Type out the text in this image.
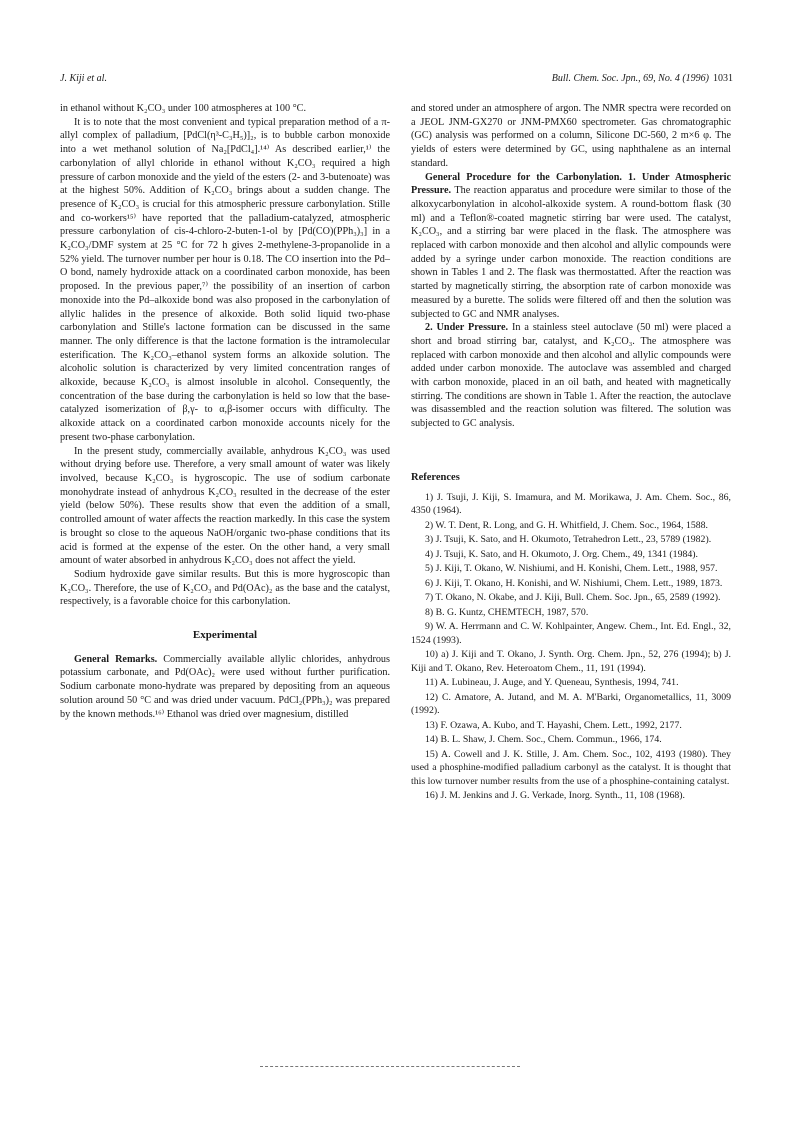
J. Kiji et al.	Bull. Chem. Soc. Jpn., 69, No. 4 (1996) 1031

in ethanol without K₂CO₃ under 100 atmospheres at 100 °C.

It is to note that the most convenient and typical preparation method of a π-allyl complex of palladium, [PdCl(η³-C₃H₅)]₂, is to bubble carbon monoxide into a wet methanol solution of Na₂[PdCl₄].¹⁴⁾ As described earlier,¹⁾ the carbonylation of allyl chloride in ethanol without K₂CO₃ required a high pressure of carbon monoxide and the yield of the esters (2- and 3-butenoate) was at the highest 50%. Addition of K₂CO₃ brings about a sudden change. The presence of K₂CO₃ is crucial for this atmospheric pressure carbonylation. Stille and co-workers¹⁵⁾ have reported that the palladium-catalyzed, atmospheric pressure carbonylation of cis-4-chloro-2-buten-1-ol by [Pd(CO)(PPh₃)₃] in a K₂CO₃/DMF system at 25 °C for 72 h gives 2-methylene-3-propanolide in a 52% yield. The turnover number per hour is 0.18. The CO insertion into the Pd–O bond, namely hydroxide attack on a coordinated carbon monoxide, has been proposed. In the previous paper,⁷⁾ the possibility of an insertion of carbon monoxide into the Pd–alkoxide bond was also proposed in the carbonylation of allylic halides in the presence of alkoxide. Both solid liquid two-phase carbonylation and Stille's lactone formation can be discussed in the same manner. The only difference is that the lactone formation is the intramolecular esterification. The K₂CO₃–ethanol system forms an alkoxide solution. The alcoholic solution is characterized by very limited concentration ranges of alkoxide, because K₂CO₃ is almost insoluble in alcohol. Consequently, the concentration of the base during the carbonylation is held so low that the base-catalyzed isomerization of β,γ- to α,β-isomer occurs with difficulty. The alkoxide attack on a coordinated carbon monoxide accounts nicely for the present two-phase carbonylation.

In the present study, commercially available, anhydrous K₂CO₃ was used without drying before use. Therefore, a very small amount of water was likely involved, because K₂CO₃ is hygroscopic. The use of sodium carbonate monohydrate instead of anhydrous K₂CO₃ resulted in the decrease of the ester yield (below 50%). These results show that even the addition of a small, controlled amount of water affects the reaction markedly. In this case the system is brought so close to the aqueous NaOH/organic two-phase conditions that its acid is formed at the expense of the ester. On the other hand, a very small amount of water absorbed in anhydrous K₂CO₃ does not affect the yield.

Sodium hydroxide gave similar results. But this is more hygroscopic than K₂CO₃. Therefore, the use of K₂CO₃ and Pd(OAc)₂ as the base and the catalyst, respectively, is a favorable choice for this carbonylation.

Experimental

General Remarks. Commercially available allylic chlorides, anhydrous potassium carbonate, and Pd(OAc)₂ were used without further purification. Sodium carbonate mono-hydrate was prepared by depositing from an aqueous solution around 50 °C and was dried under vacuum. PdCl₂(PPh₃)₂ was prepared by the known methods.¹⁶⁾ Ethanol was dried over magnesium, distilled

and stored under an atmosphere of argon. The NMR spectra were recorded on a JEOL JNM-GX270 or JNM-PMX60 spectrometer. Gas chromatographic (GC) analysis was performed on a column, Silicone DC-560, 2 m×6 φ. The yields of esters were determined by GC, using naphthalene as an internal standard.

General Procedure for the Carbonylation. 1. Under Atmospheric Pressure. The reaction apparatus and procedure were similar to those of the alkoxycarbonylation in alcohol-alkoxide system. A round-bottom flask (30 ml) and a Teflon®-coated magnetic stirring bar were used. The catalyst, K₂CO₃, and a stirring bar were placed in the flask. The atmosphere was replaced with carbon monoxide and then alcohol and allylic compounds were added by a syringe under carbon monoxide. The reaction conditions are shown in Tables 1 and 2. The flask was thermostatted. After the reaction was started by magnetically stirring, the absorption rate of carbon monoxide was measured by a burette. The solids were filtered off and then the solution was subjected to GC and NMR analyses.

2. Under Pressure. In a stainless steel autoclave (50 ml) were placed a short and broad stirring bar, catalyst, and K₂CO₃. The atmosphere was replaced with carbon monoxide and then alcohol and allylic compounds were added under carbon monoxide. The autoclave was assembled and charged with carbon monoxide, placed in an oil bath, and heated with magnetically stirring. The conditions are shown in Table 1. After the reaction, the autoclave was disassembled and the reaction solution was filtered. The solution was subjected to GC analysis.

References
1) J. Tsuji, J. Kiji, S. Imamura, and M. Morikawa, J. Am. Chem. Soc., 86, 4350 (1964).
2) W. T. Dent, R. Long, and G. H. Whitfield, J. Chem. Soc., 1964, 1588.
3) J. Tsuji, K. Sato, and H. Okumoto, Tetrahedron Lett., 23, 5789 (1982).
4) J. Tsuji, K. Sato, and H. Okumoto, J. Org. Chem., 49, 1341 (1984).
5) J. Kiji, T. Okano, W. Nishiumi, and H. Konishi, Chem. Lett., 1988, 957.
6) J. Kiji, T. Okano, H. Konishi, and W. Nishiumi, Chem. Lett., 1989, 1873.
7) T. Okano, N. Okabe, and J. Kiji, Bull. Chem. Soc. Jpn., 65, 2589 (1992).
8) B. G. Kuntz, CHEMTECH, 1987, 570.
9) W. A. Herrmann and C. W. Kohlpainter, Angew. Chem., Int. Ed. Engl., 32, 1524 (1993).
10) a) J. Kiji and T. Okano, J. Synth. Org. Chem. Jpn., 52, 276 (1994); b) J. Kiji and T. Okano, Rev. Heteroatom Chem., 11, 191 (1994).
11) A. Lubineau, J. Auge, and Y. Queneau, Synthesis, 1994, 741.
12) C. Amatore, A. Jutand, and M. A. M'Barki, Organometallics, 11, 3009 (1992).
13) F. Ozawa, A. Kubo, and T. Hayashi, Chem. Lett., 1992, 2177.
14) B. L. Shaw, J. Chem. Soc., Chem. Commun., 1966, 174.
15) A. Cowell and J. K. Stille, J. Am. Chem. Soc., 102, 4193 (1980). They used a phosphine-modified palladium carbonyl as the catalyst. It is thought that this low turnover number results from the use of a phosphine-containing catalyst.
16) J. M. Jenkins and J. G. Verkade, Inorg. Synth., 11, 108 (1968).
